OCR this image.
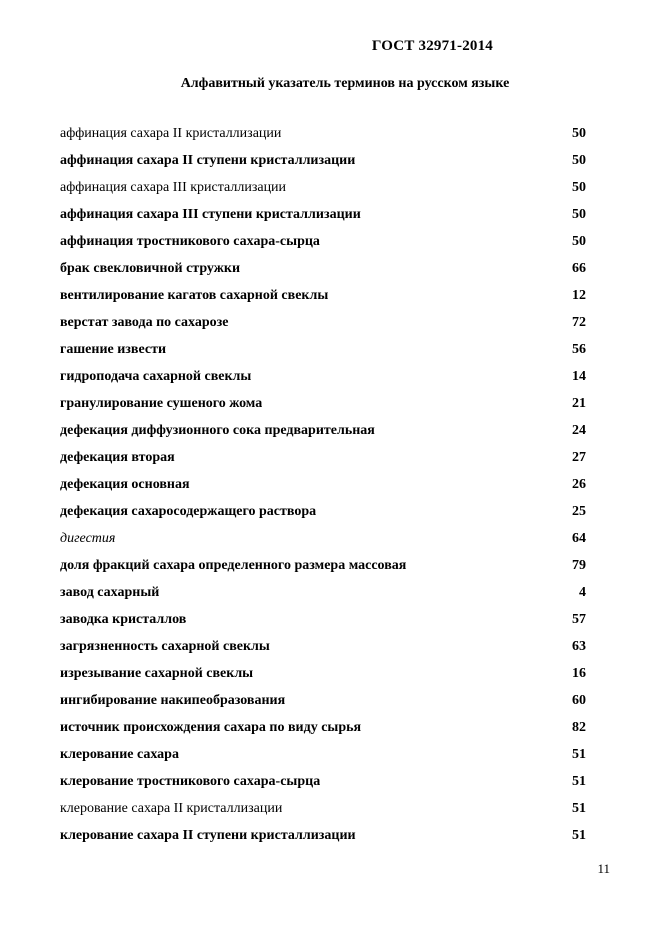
ГОСТ 32971-2014
Алфавитный указатель терминов на русском языке
аффинация сахара II кристаллизации	50
аффинация сахара II ступени кристаллизации	50
аффинация сахара III кристаллизации	50
аффинация сахара III ступени кристаллизации	50
аффинация тростникового сахара-сырца	50
брак свекловичной стружки	66
вентилирование кагатов сахарной свеклы	12
верстат завода по сахарозе	72
гашение извести	56
гидроподача сахарной свеклы	14
гранулирование сушеного жома	21
дефекация диффузионного сока предварительная	24
дефекация вторая	27
дефекация основная	26
дефекация сахаросодержащего раствора	25
дигестия	64
доля фракций сахара определенного размера массовая	79
завод сахарный	4
заводка кристаллов	57
загрязненность сахарной свеклы	63
изрезывание сахарной свеклы	16
ингибирование накипеобразования	60
источник происхождения сахара по виду сырья	82
клерование сахара	51
клерование тростникового сахара-сырца	51
клерование сахара II кристаллизации	51
клерование сахара II ступени кристаллизации	51
11
